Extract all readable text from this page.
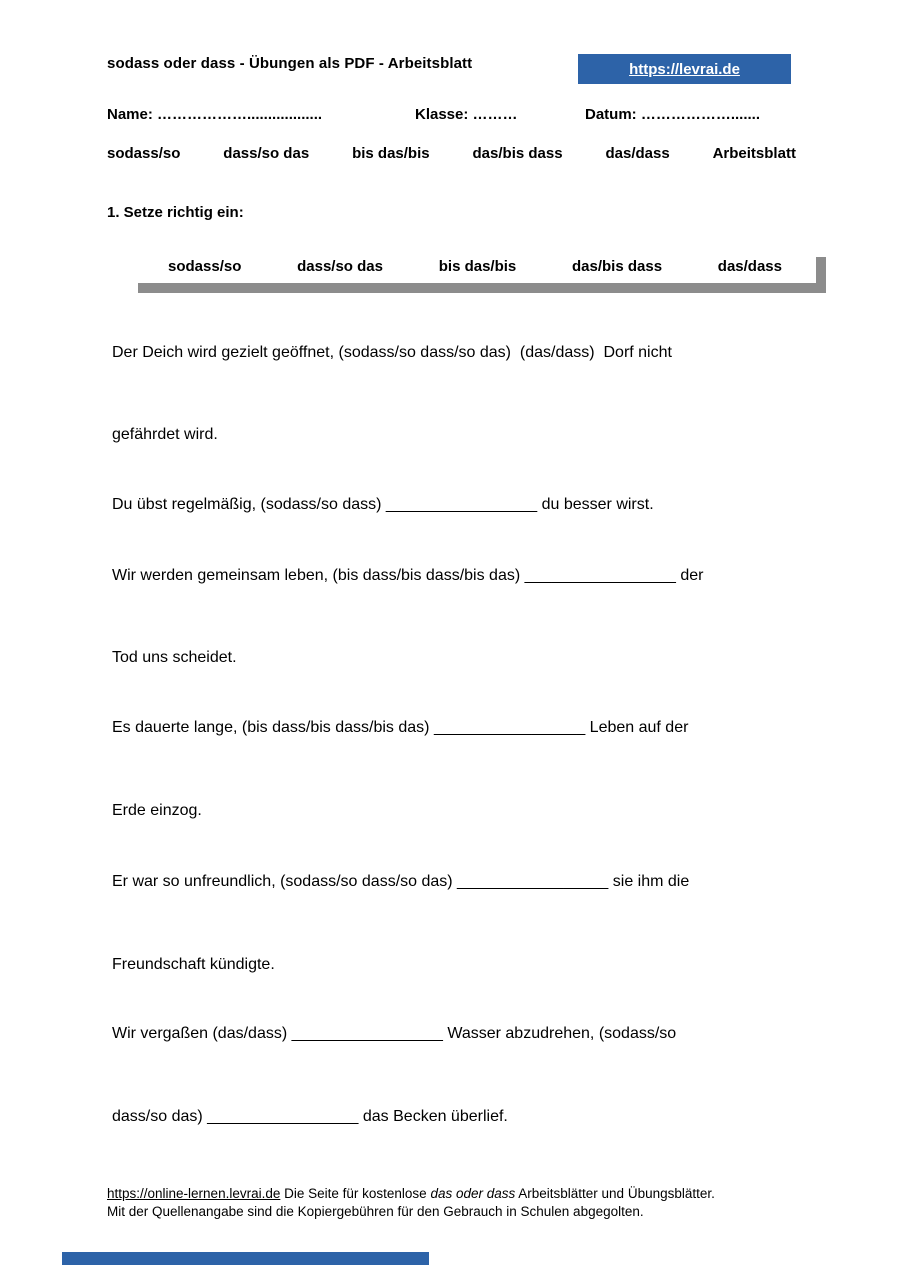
sodass oder dass - Übungen als PDF - Arbeitsblatt	https://levrai.de
Name: ………………..................	Klasse: ………	Datum: ……………….......
sodass/so	dass/so das	bis das/bis	das/bis dass	das/dass	Arbeitsblatt
1. Setze richtig ein:
sodass/so	dass/so das	bis das/bis	das/bis dass	das/dass
Der Deich wird gezielt geöffnet, (sodass/so dass/so das)  (das/dass)  Dorf nicht
gefährdet wird.
Du übst regelmäßig, (sodass/so dass) _________________ du besser wirst.
Wir werden gemeinsam leben, (bis dass/bis dass/bis das) _________________ der
Tod uns scheidet.
Es dauerte lange, (bis dass/bis dass/bis das) _________________ Leben auf der
Erde einzog.
Er war so unfreundlich, (sodass/so dass/so das) _________________ sie ihm die
Freundschaft kündigte.
Wir vergaßen (das/dass) _________________ Wasser abzudrehen, (sodass/so
dass/so das) _________________ das Becken überlief.
https://online-lernen.levrai.de Die Seite für kostenlose das oder dass Arbeitsblätter und Übungsblätter.
Mit der Quellenangabe sind die Kopiergebühren für den Gebrauch in Schulen abgegolten.
